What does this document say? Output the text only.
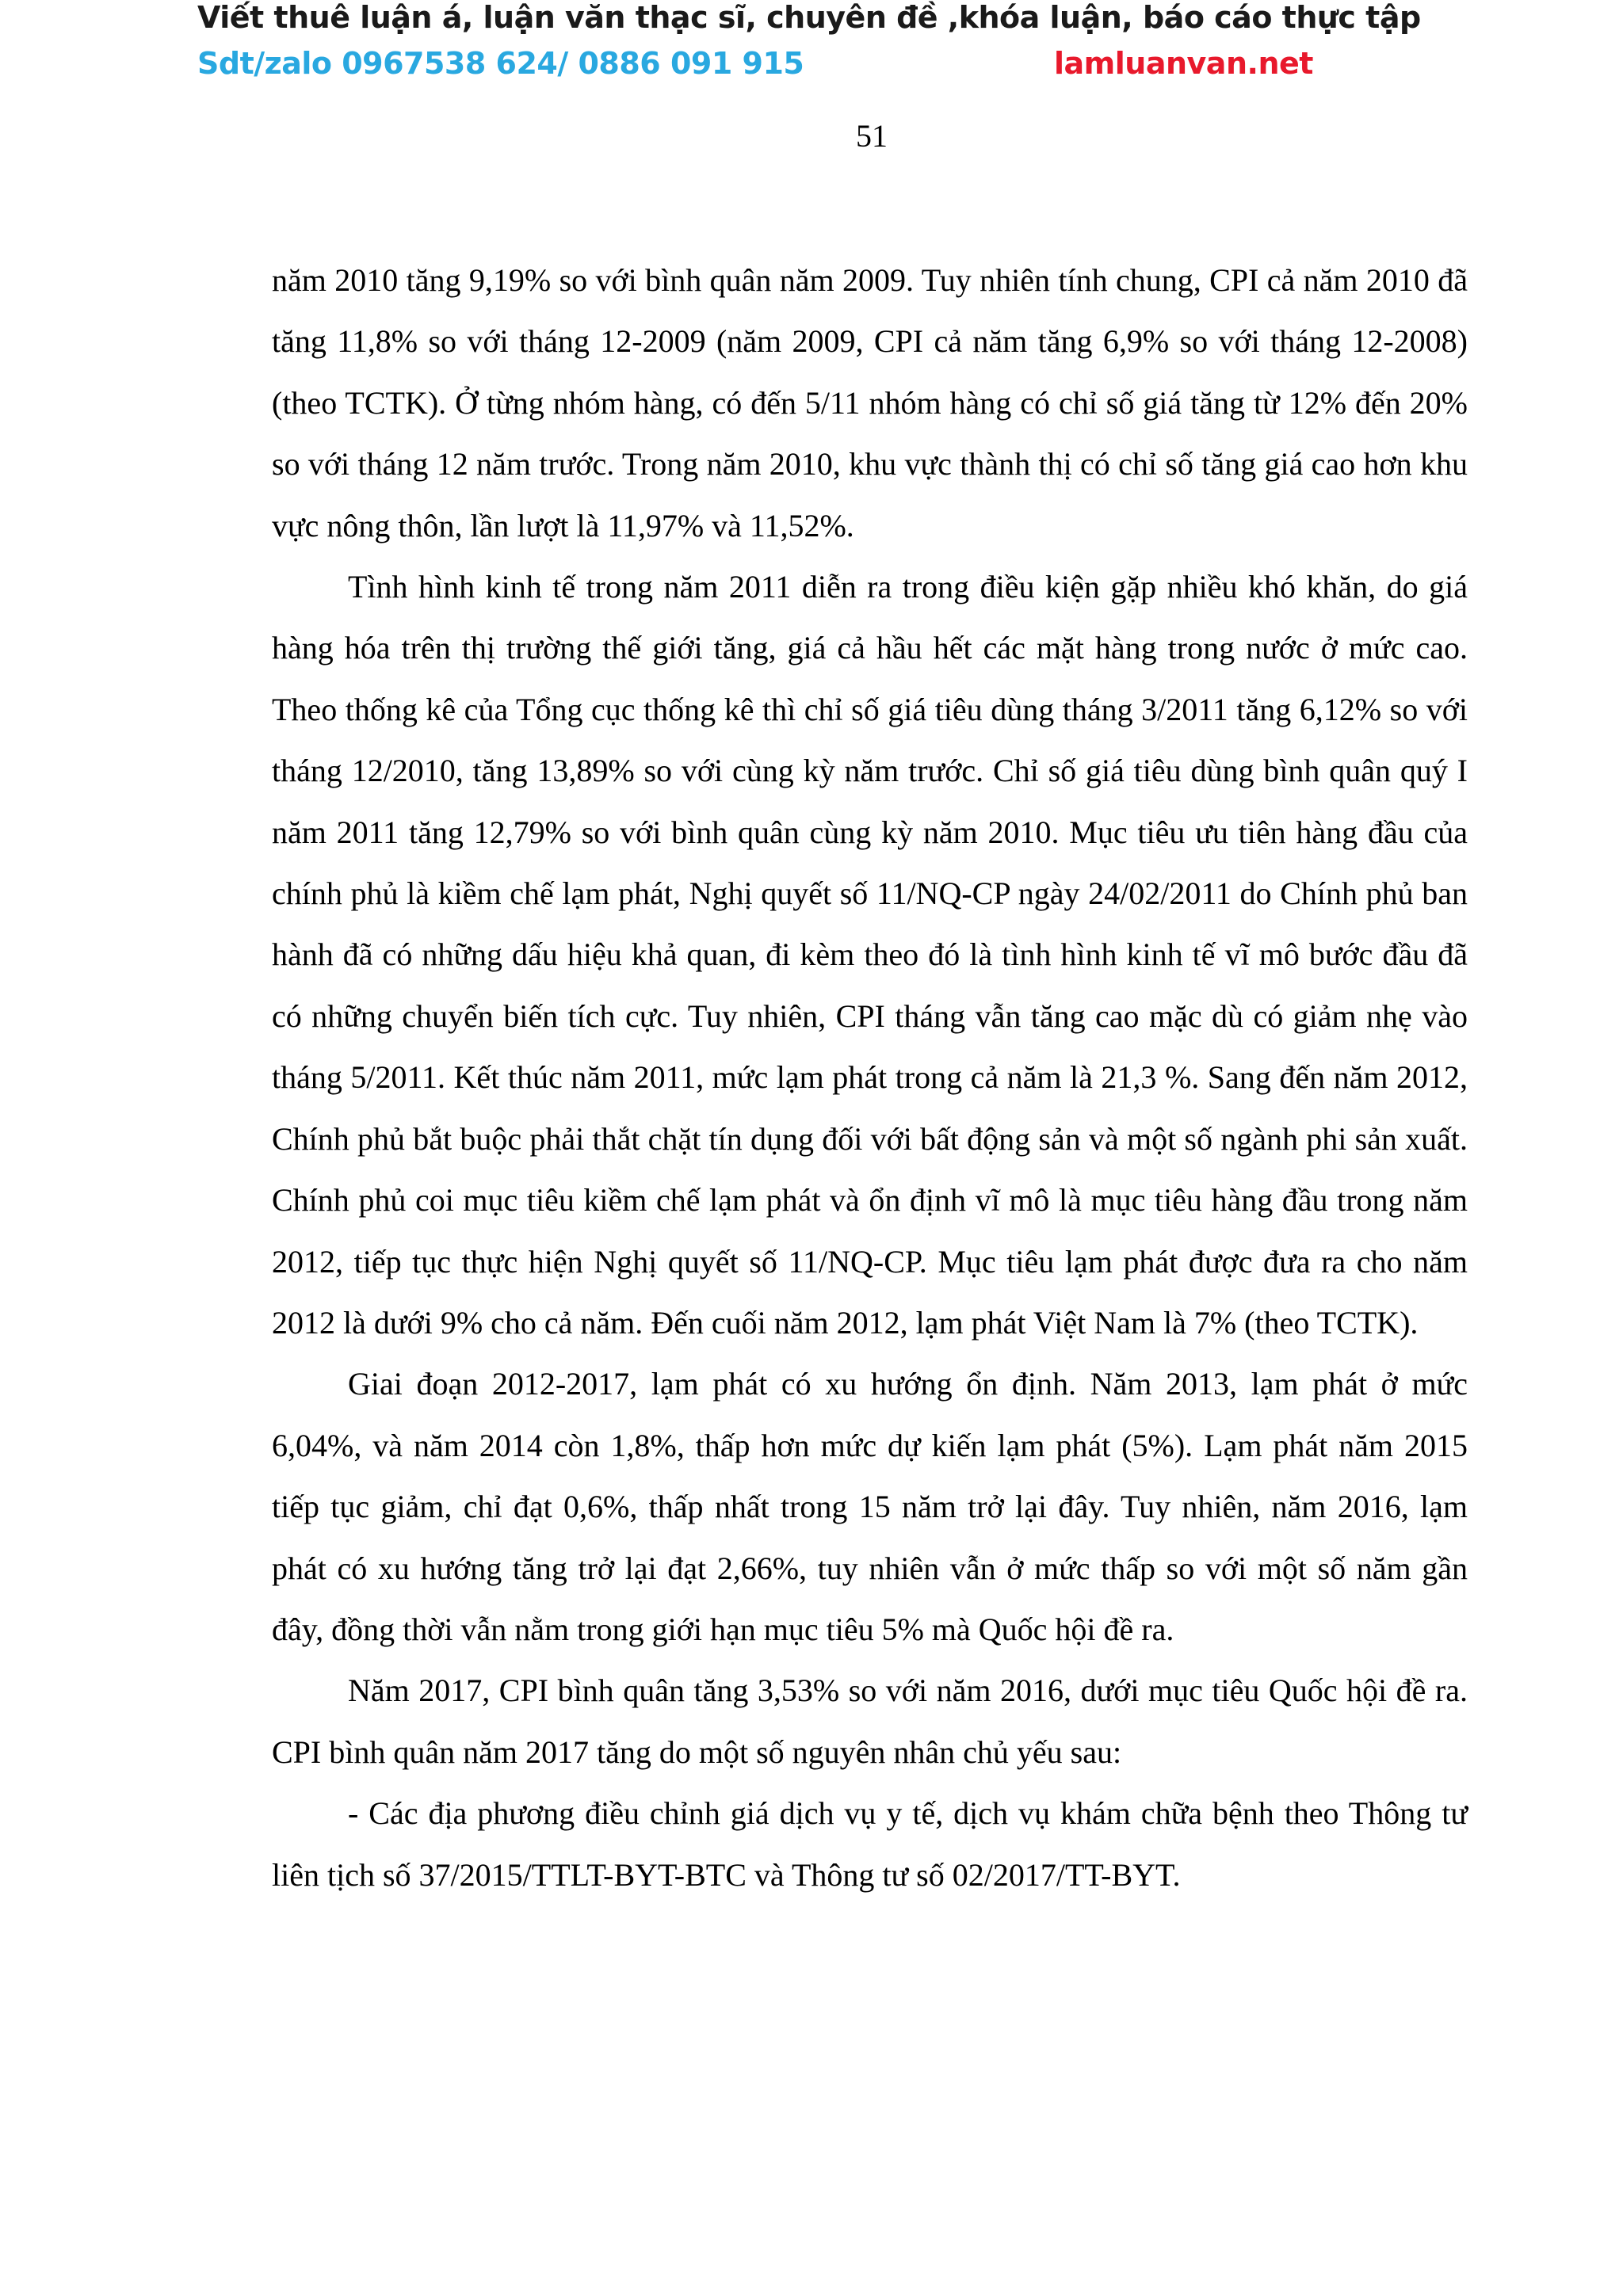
Viết thuê luận á, luận văn thạc sĩ, chuyên đề ,khóa luận, báo cáo thực tập
Sdt/zalo 0967538 624/ 0886 091 915	lamluanvan.net
51

năm 2010 tăng 9,19% so với bình quân năm 2009. Tuy nhiên tính chung, CPI cả năm 2010 đã tăng 11,8% so với tháng 12-2009 (năm 2009, CPI cả năm tăng 6,9% so với tháng 12-2008) (theo TCTK). Ở từng nhóm hàng, có đến 5/11 nhóm hàng có chỉ số giá tăng từ 12% đến 20% so với tháng 12 năm trước. Trong năm 2010, khu vực thành thị có chỉ số tăng giá cao hơn khu vực nông thôn, lần lượt là 11,97% và 11,52%.

Tình hình kinh tế trong năm 2011 diễn ra trong điều kiện gặp nhiều khó khăn, do giá hàng hóa trên thị trường thế giới tăng, giá cả hầu hết các mặt hàng trong nước ở mức cao. Theo thống kê của Tổng cục thống kê thì chỉ số giá tiêu dùng tháng 3/2011 tăng 6,12% so với tháng 12/2010, tăng 13,89% so với cùng kỳ năm trước. Chỉ số giá tiêu dùng bình quân quý I năm 2011 tăng 12,79% so với bình quân cùng kỳ năm 2010. Mục tiêu ưu tiên hàng đầu của chính phủ là kiềm chế lạm phát, Nghị quyết số 11/NQ-CP ngày 24/02/2011 do Chính phủ ban hành đã có những dấu hiệu khả quan, đi kèm theo đó là tình hình kinh tế vĩ mô bước đầu đã có những chuyển biến tích cực. Tuy nhiên, CPI tháng vẫn tăng cao mặc dù có giảm nhẹ vào tháng 5/2011. Kết thúc năm 2011, mức lạm phát trong cả năm là 21,3 %. Sang đến năm 2012, Chính phủ bắt buộc phải thắt chặt tín dụng đối với bất động sản và một số ngành phi sản xuất. Chính phủ coi mục tiêu kiềm chế lạm phát và ổn định vĩ mô là mục tiêu hàng đầu trong năm 2012, tiếp tục thực hiện Nghị quyết số 11/NQ-CP. Mục tiêu lạm phát được đưa ra cho năm 2012 là dưới 9% cho cả năm. Đến cuối năm 2012, lạm phát Việt Nam là 7% (theo TCTK).

Giai đoạn 2012-2017, lạm phát có xu hướng ổn định. Năm 2013, lạm phát ở mức 6,04%, và năm 2014 còn 1,8%, thấp hơn mức dự kiến lạm phát (5%). Lạm phát năm 2015 tiếp tục giảm, chỉ đạt 0,6%, thấp nhất trong 15 năm trở lại đây. Tuy nhiên, năm 2016, lạm phát có xu hướng tăng trở lại đạt 2,66%, tuy nhiên vẫn ở mức thấp so với một số năm gần đây, đồng thời vẫn nằm trong giới hạn mục tiêu 5% mà Quốc hội đề ra.

Năm 2017, CPI bình quân tăng 3,53% so với năm 2016, dưới mục tiêu Quốc hội đề ra. CPI bình quân năm 2017 tăng do một số nguyên nhân chủ yếu sau:

- Các địa phương điều chỉnh giá dịch vụ y tế, dịch vụ khám chữa bệnh theo Thông tư liên tịch số 37/2015/TTLT-BYT-BTC và Thông tư số 02/2017/TT-BYT.
